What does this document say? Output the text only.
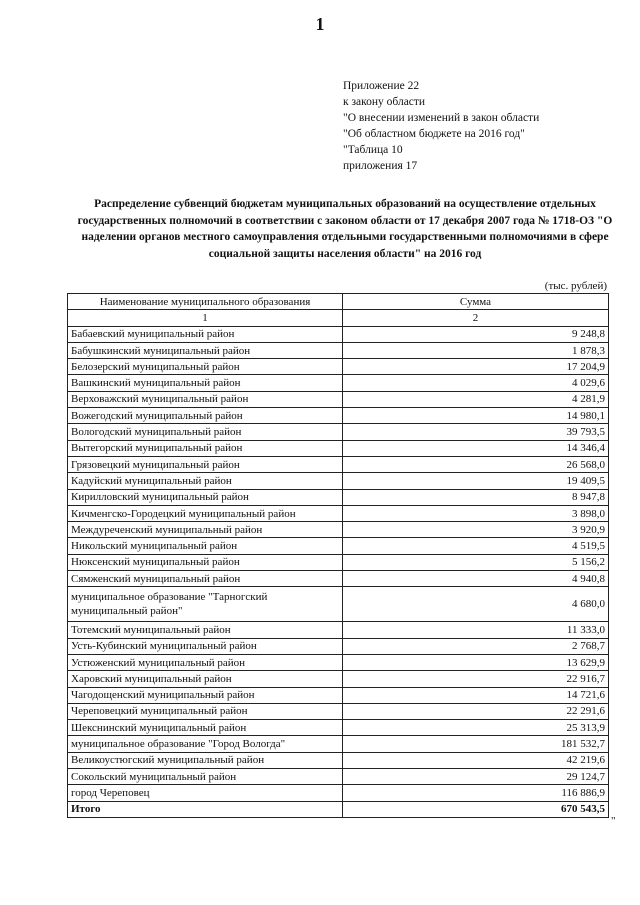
1
Приложение 22
к закону области
"О внесении изменений в закон области
"Об областном бюджете на 2016 год"
"Таблица 10
приложения 17
Распределение субвенций бюджетам муниципальных образований на осуществление отдельных государственных полномочий в соответствии с законом области от 17 декабря 2007 года № 1718-ОЗ "О наделении органов местного самоуправления отдельными государственными полномочиями в сфере социальной защиты населения области" на 2016 год
(тыс. рублей)
Наименование муниципального образования	Сумма
1	2
Бабаевский муниципальный район	9 248,8
Бабушкинский муниципальный район	1 878,3
Белозерский муниципальный район	17 204,9
Вашкинский муниципальный район	4 029,6
Верховажский муниципальный район	4 281,9
Вожегодский муниципальный район	14 980,1
Вологодский муниципальный район	39 793,5
Вытегорский муниципальный район	14 346,4
Грязовецкий муниципальный район	26 568,0
Кадуйский муниципальный район	19 409,5
Кирилловский муниципальный район	8 947,8
Кичменгско-Городецкий муниципальный район	3 898,0
Междуреченский муниципальный район	3 920,9
Никольский муниципальный район	4 519,5
Нюксенский муниципальный район	5 156,2
Сямженский муниципальный район	4 940,8
муниципальное образование "Тарногский муниципальный район"	4 680,0
Тотемский муниципальный район	11 333,0
Усть-Кубинский муниципальный район	2 768,7
Устюженский муниципальный район	13 629,9
Харовский муниципальный район	22 916,7
Чагодощенский муниципальный район	14 721,6
Череповецкий муниципальный район	22 291,6
Шекснинский муниципальный район	25 313,9
муниципальное образование "Город Вологда"	181 532,7
Великоустюгский муниципальный район	42 219,6
Сокольский муниципальный район	29 124,7
город Череповец	116 886,9
Итого	670 543,5
"
